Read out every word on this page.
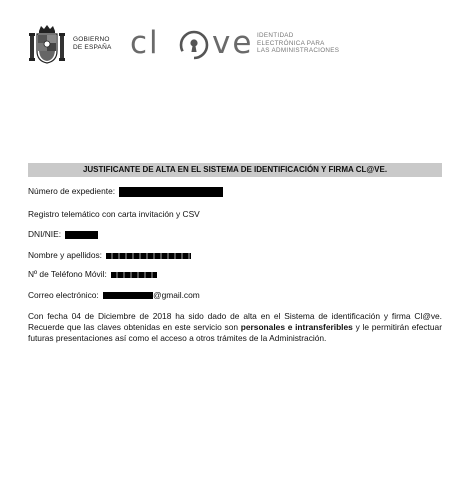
GOBIERNO
DE ESPAÑA cl ve IDENTIDAD
ELECTRÓNICA PARA
LAS ADMINISTRACIONES
JUSTIFICANTE DE ALTA EN EL SISTEMA DE IDENTIFICACIÓN Y FIRMA CL@VE.
Número de expediente:
Registro telemático con carta invitación y CSV
DNI/NIE:
Nombre y apellidos:
Nº de Teléfono Móvil:
Correo electrónico:	@gmail.com
Con fecha 04 de Diciembre de 2018 ha sido dado de alta en el Sistema de identificación y firma Cl@ve. Recuerde que las claves obtenidas en este servicio son personales e intransferibles y le permitirán efectuar futuras presentaciones así como el acceso a otros trámites de la Administración.
